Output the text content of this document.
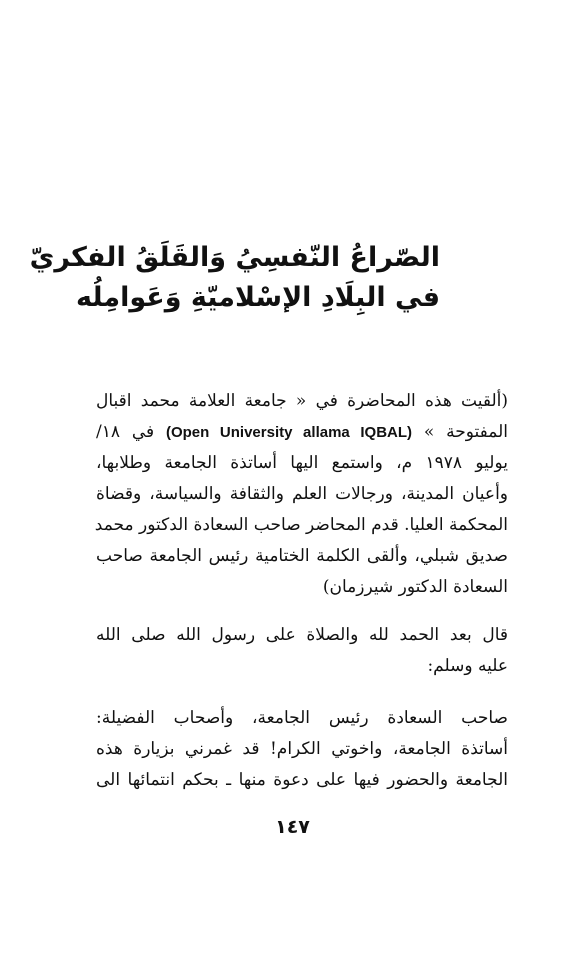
الصّراعُ النّفسِيُ وَالقَلَقُ الفكريّ
في البِلَادِ الإسْلاميّةِ وَعَوامِلُه
(ألقيت هذه المحاضرة في « جامعة العلامة محمد اقبال
المفتوحة » (Open University allama IQBAL) في ۱۸/
يوليو ۱۹۷۸ م، واستمع اليها أساتذة الجامعة وطلابها،
وأعيان المدينة، ورجالات العلم والثقافة والسياسة، وقضاة
المحكمة العليا. قدم المحاضر صاحب السعادة الدكتور محمد
صديق شبلي، وألقى الكلمة الختامية رئيس الجامعة صاحب
السعادة الدكتور شيرزمان)
قال بعد الحمد لله والصلاة على رسول الله صلى الله
عليه وسلم:
صاحب السعادة رئيس الجامعة، وأصحاب الفضيلة:
أساتذة الجامعة، واخوتي الكرام! قد غمرني بزيارة هذه
الجامعة والحضور فيها على دعوة منها ـ بحكم انتمائها الى
١٤٧
